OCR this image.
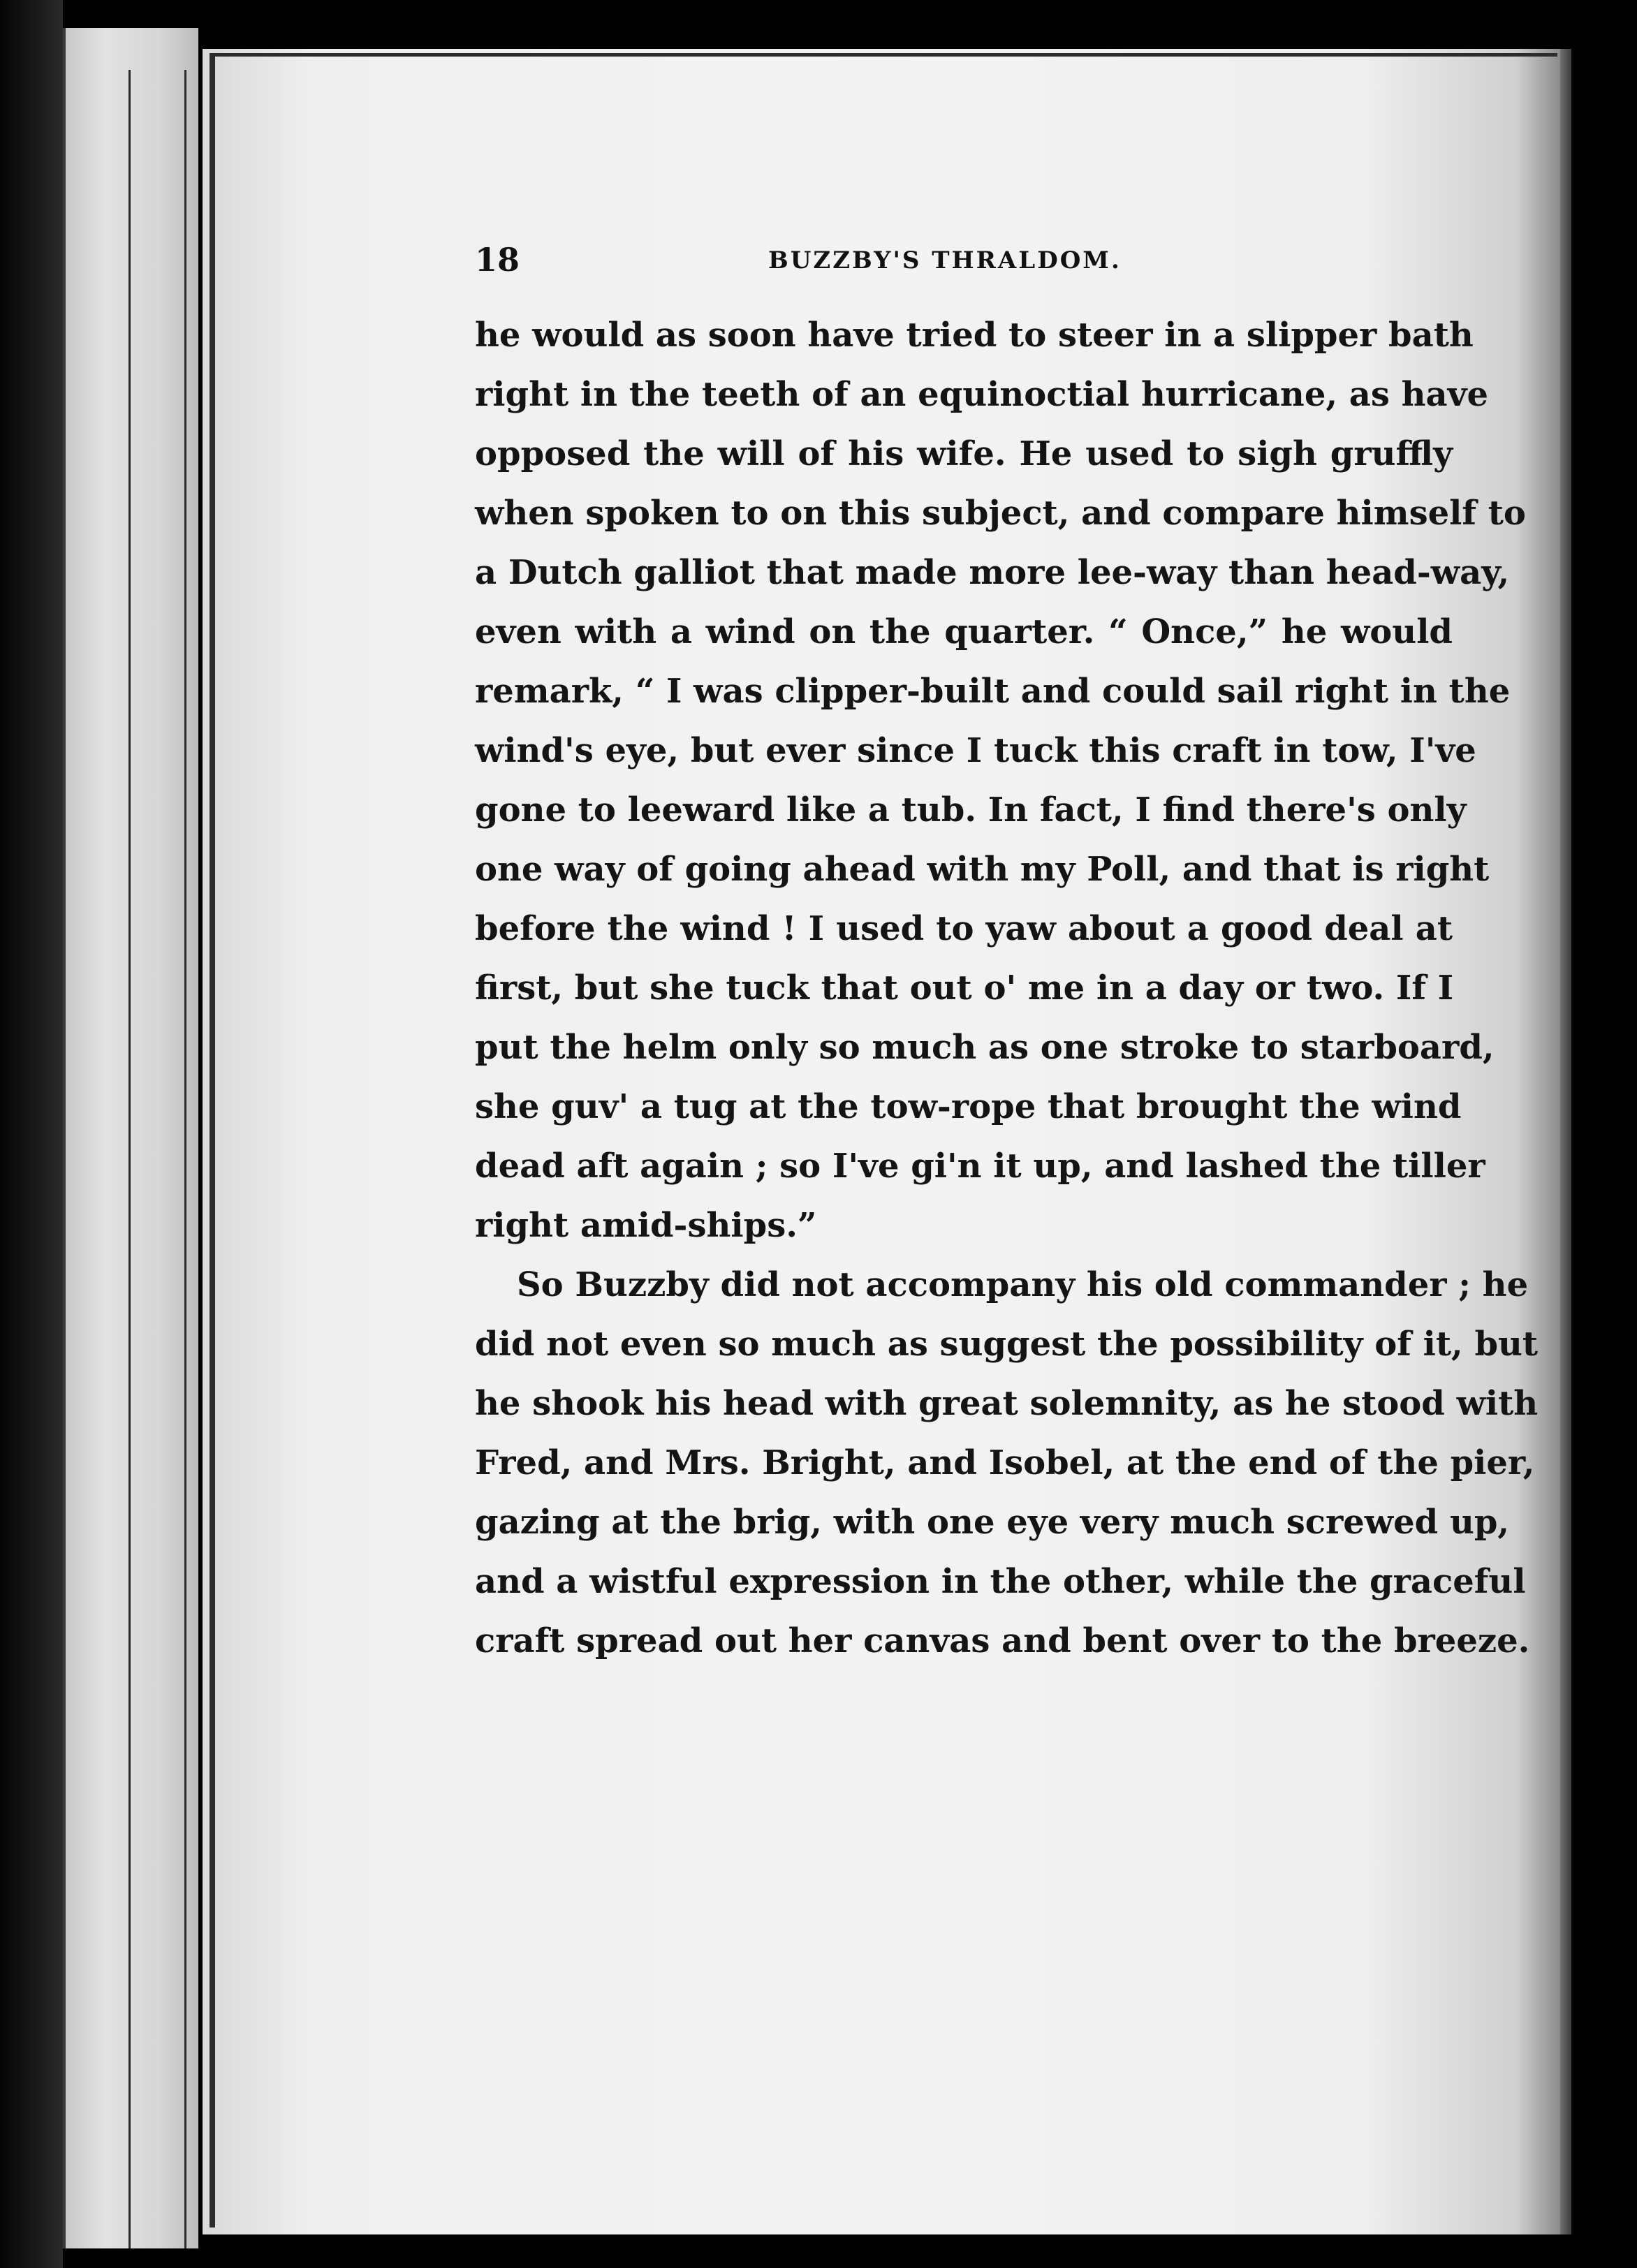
18	BUZZBY'S THRALDOM.
he would as soon have tried to steer in a slipper bath
right in the teeth of an equinoctial hurricane, as have
opposed the will of his wife. He used to sigh gruffly
when spoken to on this subject, and compare himself to
a Dutch galliot that made more lee-way than head-way,
even with a wind on the quarter. “ Once,” he would
remark, “ I was clipper-built and could sail right in the
wind's eye, but ever since I tuck this craft in tow, I've
gone to leeward like a tub. In fact, I find there's only
one way of going ahead with my Poll, and that is right
before the wind ! I used to yaw about a good deal at
first, but she tuck that out o' me in a day or two. If I
put the helm only so much as one stroke to starboard,
she guv' a tug at the tow-rope that brought the wind
dead aft again ; so I've gi'n it up, and lashed the tiller
right amid-ships.”
So Buzzby did not accompany his old commander ; he
did not even so much as suggest the possibility of it, but
he shook his head with great solemnity, as he stood with
Fred, and Mrs. Bright, and Isobel, at the end of the pier,
gazing at the brig, with one eye very much screwed up,
and a wistful expression in the other, while the graceful
craft spread out her canvas and bent over to the breeze.
